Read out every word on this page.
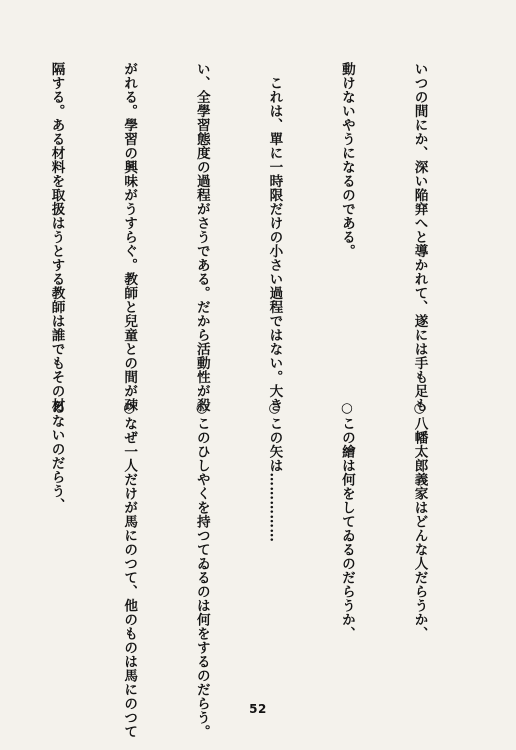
いつの間にか、深い陥穽へと導かれて、遂には手も足も

動けないやうになるのである。

　これは、單に一時限だけの小さい過程ではない。大き

い、全學習態度の過程がさうである。だから活動性が殺

がれる。學習の興味がうすらぐ。教師と兒童との間が疎

隔する。ある材料を取扱はうとする教師は誰でもその材

○八幡太郎義家はどんな人だらうか、

○この繪は何をしてゐるのだらうか、

○この矢は……………

○このひしやくを持つてゐるのは何をするのだらう。

○なぜ一人だけが馬にのつて、他のものは馬にのつて

ゐないのだらう、

52
